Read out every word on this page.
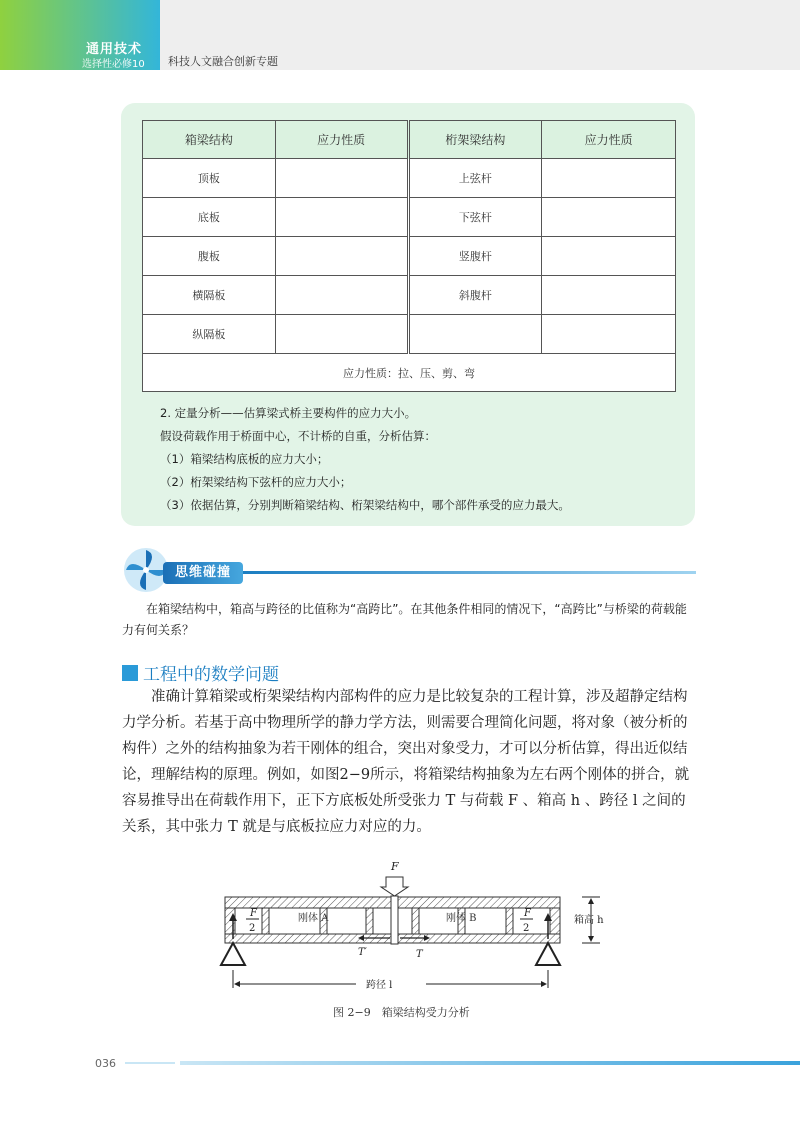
通用技术
选择性必修10 科技人文融合创新专题
箱梁结构	应力性质	桁架梁结构	应力性质
顶板		上弦杆	
底板		下弦杆	
腹板		竖腹杆	
横隔板		斜腹杆	
纵隔板			
应力性质：拉、压、剪、弯			
2. 定量分析——估算梁式桥主要构件的应力大小。
假设荷载作用于桥面中心，不计桥的自重，分析估算：
（1）箱梁结构底板的应力大小；
（2）桁架梁结构下弦杆的应力大小；
（3）依据估算，分别判断箱梁结构、桁架梁结构中，哪个部件承受的应力最大。
思维碰撞
在箱梁结构中，箱高与跨径的比值称为“高跨比”。在其他条件相同的情况下，“高跨比”与桥梁的荷载能力有何关系？
工程中的数学问题

准确计算箱梁或桁架梁结构内部构件的应力是比较复杂的工程计算，涉及超静定结构力学分析。若基于高中物理所学的静力学方法，则需要合理简化问题，将对象（被分析的构件）之外的结构抽象为若干刚体的组合，突出对象受力，才可以分析估算，得出近似结论，理解结构的原理。例如，如图2−9所示，将箱梁结构抽象为左右两个刚体的拼合，就容易推导出在荷载作用下，正下方底板处所受张力 T 与荷载 F 、箱高 h 、跨径 l 之间的关系，其中张力 T 就是与底板拉应力对应的力。

F
F
2
F
2
刚体 A	刚体 B
T′	T
箱高 h
跨径 l
图 2−9　箱梁结构受力分析
036
